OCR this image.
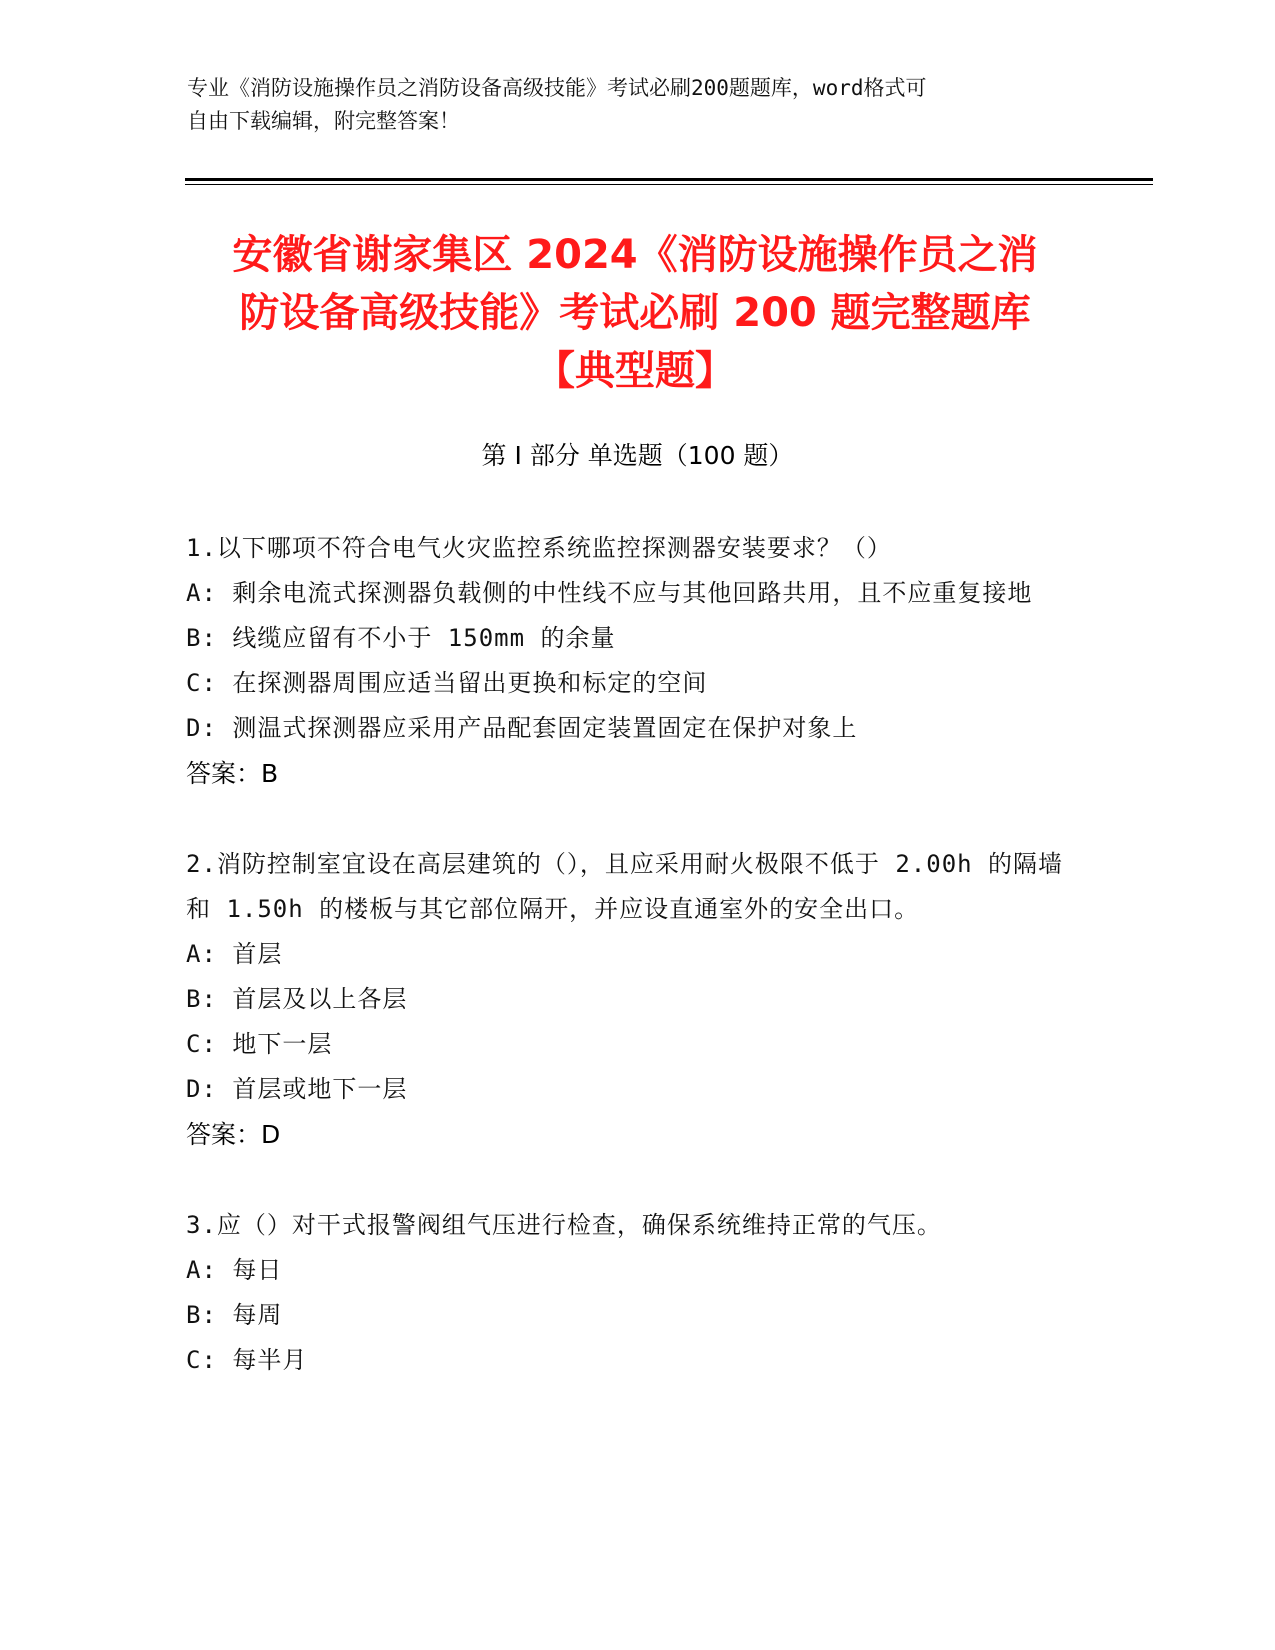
专业《消防设施操作员之消防设备高级技能》考试必刷200题题库，word格式可
自由下载编辑，附完整答案！
安徽省谢家集区 2024《消防设施操作员之消
防设备高级技能》考试必刷 200 题完整题库
【典型题】
第 I 部分 单选题（100 题）
1.以下哪项不符合电气火灾监控系统监控探测器安装要求？（）
A: 剩余电流式探测器负载侧的中性线不应与其他回路共用，且不应重复接地
B: 线缆应留有不小于 150mm 的余量
C: 在探测器周围应适当留出更换和标定的空间
D: 测温式探测器应采用产品配套固定装置固定在保护对象上
答案：B
2.消防控制室宜设在高层建筑的（），且应采用耐火极限不低于 2.00h 的隔墙和 1.50h 的楼板与其它部位隔开，并应设直通室外的安全出口。
A: 首层
B: 首层及以上各层
C: 地下一层
D: 首层或地下一层
答案：D
3.应（）对干式报警阀组气压进行检查，确保系统维持正常的气压。
A: 每日
B: 每周
C: 每半月
